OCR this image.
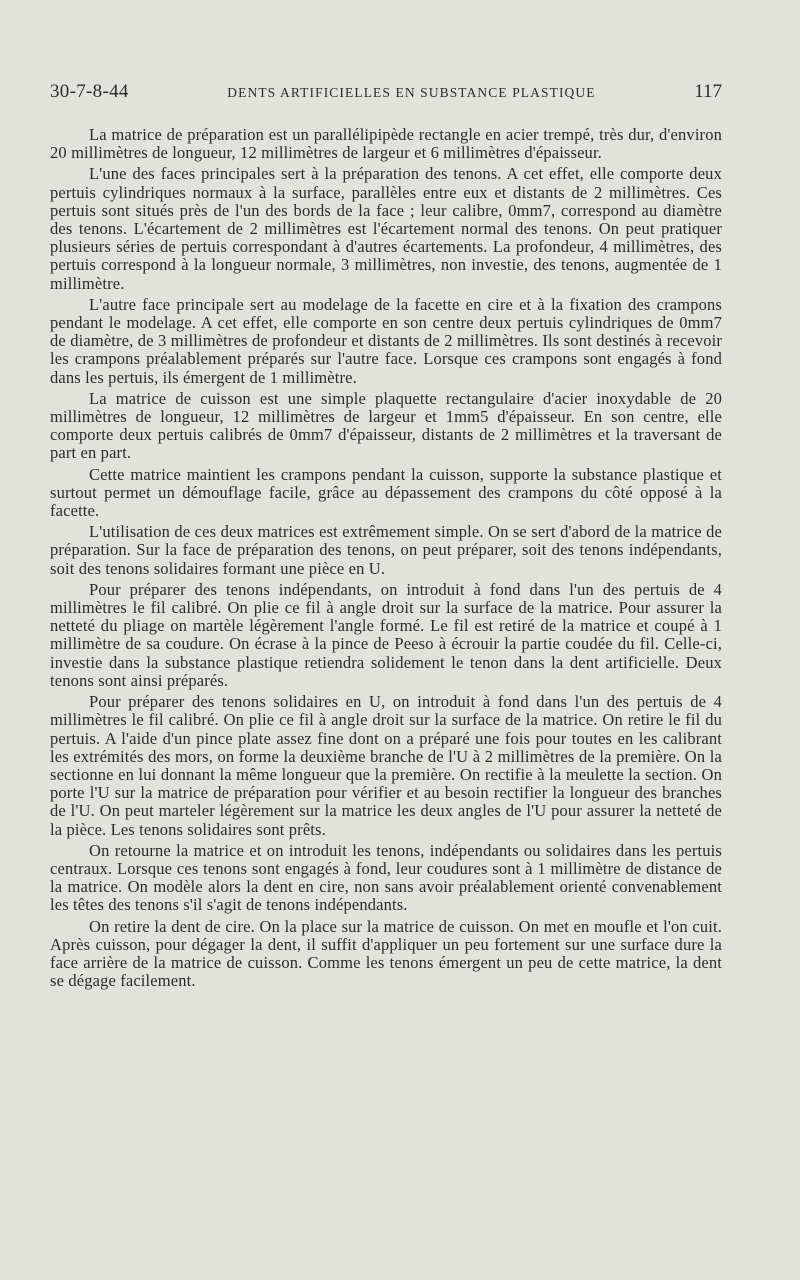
30-7-8-44	DENTS ARTIFICIELLES EN SUBSTANCE PLASTIQUE	117

La matrice de préparation est un parallélipipède rectangle en acier trempé, très dur, d'environ 20 millimètres de longueur, 12 millimètres de largeur et 6 millimètres d'épaisseur.

L'une des faces principales sert à la préparation des tenons. A cet effet, elle comporte deux pertuis cylindriques normaux à la surface, parallèles entre eux et distants de 2 millimètres. Ces pertuis sont situés près de l'un des bords de la face ; leur calibre, 0mm7, correspond au diamètre des tenons. L'écartement de 2 millimètres est l'écartement normal des tenons. On peut pratiquer plusieurs séries de pertuis correspondant à d'autres écartements. La profondeur, 4 millimètres, des pertuis correspond à la longueur normale, 3 millimètres, non investie, des tenons, augmentée de 1 millimètre.

L'autre face principale sert au modelage de la facette en cire et à la fixation des crampons pendant le modelage. A cet effet, elle comporte en son centre deux pertuis cylindriques de 0mm7 de diamètre, de 3 millimètres de profondeur et distants de 2 millimètres. Ils sont destinés à recevoir les crampons préalablement préparés sur l'autre face. Lorsque ces crampons sont engagés à fond dans les pertuis, ils émergent de 1 millimètre.

La matrice de cuisson est une simple plaquette rectangulaire d'acier inoxydable de 20 millimètres de longueur, 12 millimètres de largeur et 1mm5 d'épaisseur. En son centre, elle comporte deux pertuis calibrés de 0mm7 d'épaisseur, distants de 2 millimètres et la traversant de part en part.

Cette matrice maintient les crampons pendant la cuisson, supporte la substance plastique et surtout permet un démouflage facile, grâce au dépassement des crampons du côté opposé à la facette.

L'utilisation de ces deux matrices est extrêmement simple. On se sert d'abord de la matrice de préparation. Sur la face de préparation des tenons, on peut préparer, soit des tenons indépendants, soit des tenons solidaires formant une pièce en U.

Pour préparer des tenons indépendants, on introduit à fond dans l'un des pertuis de 4 millimètres le fil calibré. On plie ce fil à angle droit sur la surface de la matrice. Pour assurer la netteté du pliage on martèle légèrement l'angle formé. Le fil est retiré de la matrice et coupé à 1 millimètre de sa coudure. On écrase à la pince de Peeso à écrouir la partie coudée du fil. Celle-ci, investie dans la substance plastique retiendra solidement le tenon dans la dent artificielle. Deux tenons sont ainsi préparés.

Pour préparer des tenons solidaires en U, on introduit à fond dans l'un des pertuis de 4 millimètres le fil calibré. On plie ce fil à angle droit sur la surface de la matrice. On retire le fil du pertuis. A l'aide d'un pince plate assez fine dont on a préparé une fois pour toutes en les calibrant les extrémités des mors, on forme la deuxième branche de l'U à 2 millimètres de la première. On la sectionne en lui donnant la même longueur que la première. On rectifie à la meulette la section. On porte l'U sur la matrice de préparation pour vérifier et au besoin rectifier la longueur des branches de l'U. On peut marteler légèrement sur la matrice les deux angles de l'U pour assurer la netteté de la pièce. Les tenons solidaires sont prêts.

On retourne la matrice et on introduit les tenons, indépendants ou solidaires dans les pertuis centraux. Lorsque ces tenons sont engagés à fond, leur coudures sont à 1 millimètre de distance de la matrice. On modèle alors la dent en cire, non sans avoir préalablement orienté convenablement les têtes des tenons s'il s'agit de tenons indépendants.

On retire la dent de cire. On la place sur la matrice de cuisson. On met en moufle et l'on cuit. Après cuisson, pour dégager la dent, il suffit d'appliquer un peu fortement sur une surface dure la face arrière de la matrice de cuisson. Comme les tenons émergent un peu de cette matrice, la dent se dégage facilement.
